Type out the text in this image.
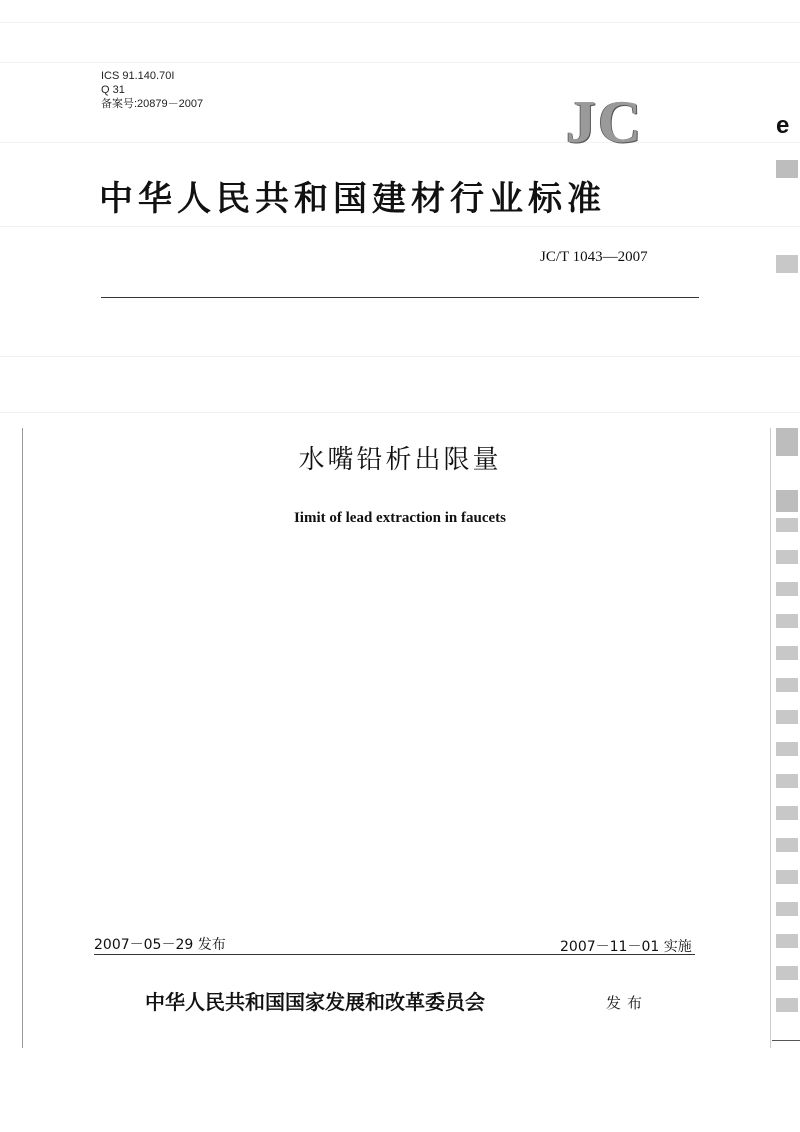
ICS 91.140.70I
Q 31
备案号:20879－2007	JC	e
中华人民共和国建材行业标准
JC/T 1043—2007
水嘴铅析出限量
Iimit of lead extraction in faucets
2007－05－29 发布	2007－11－01 实施
中华人民共和国国家发展和改革委员会	发布
